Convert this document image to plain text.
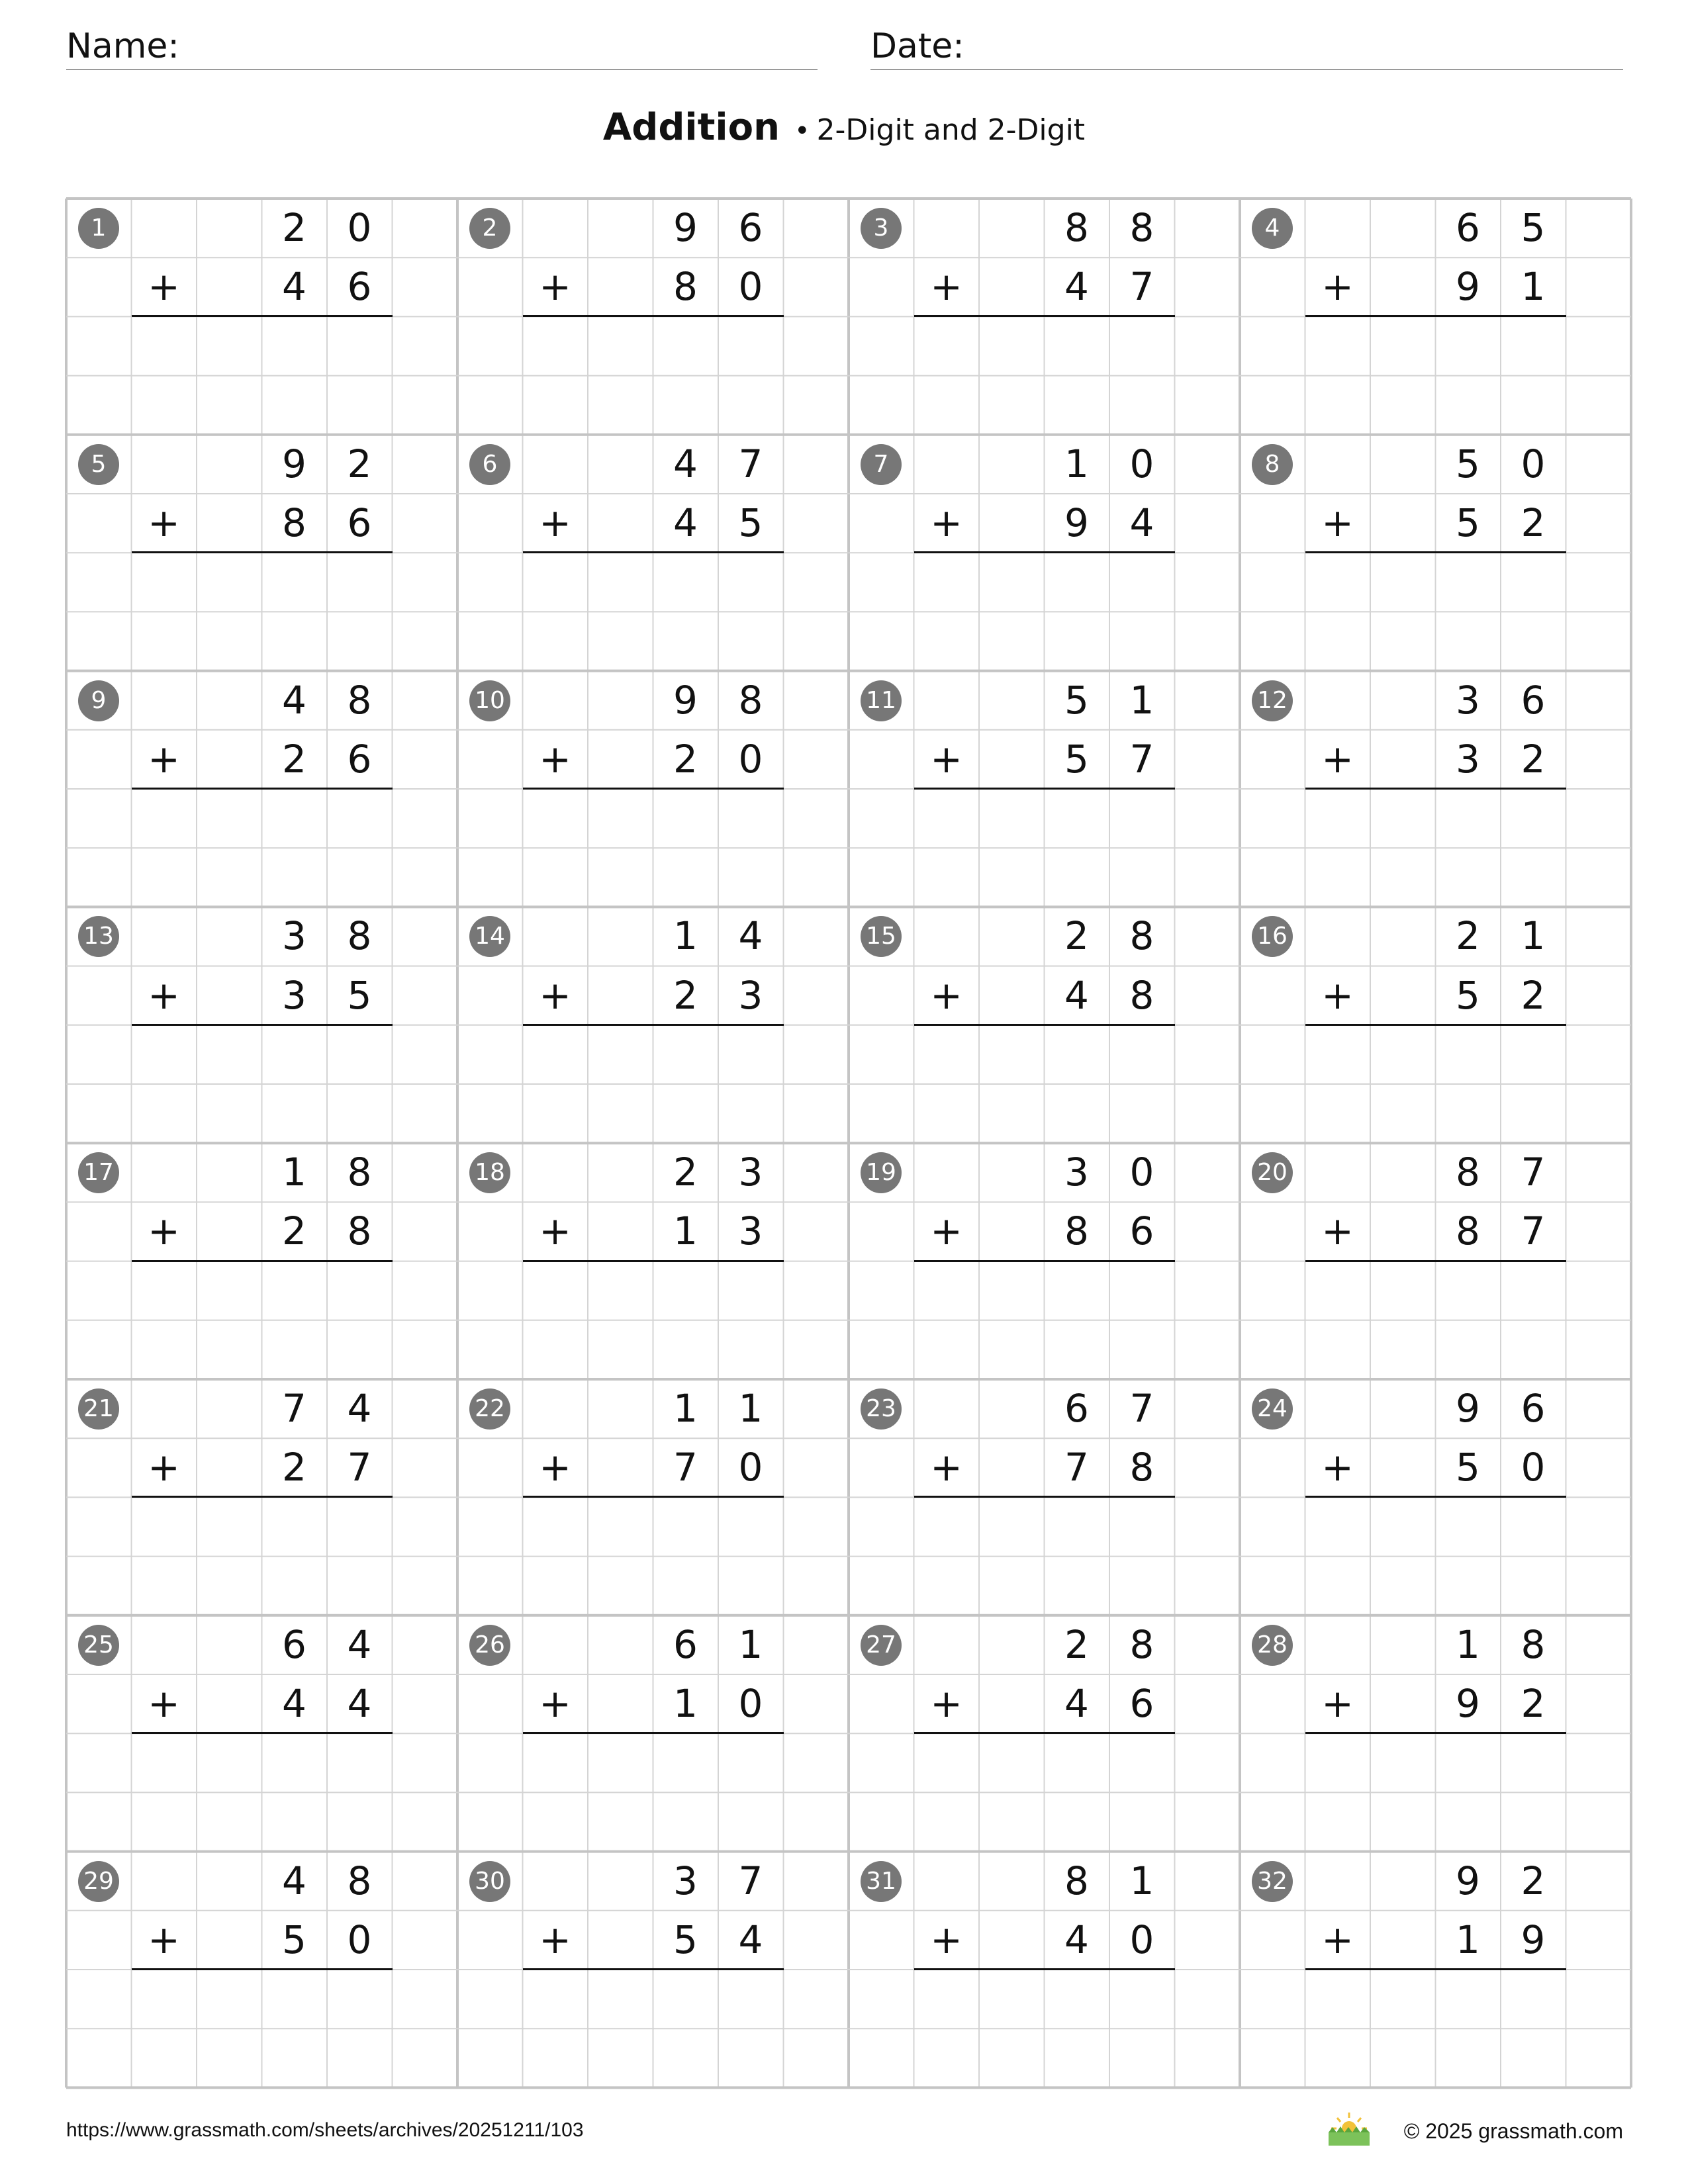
Name:	Date:
Addition • 2-Digit and 2-Digit
1	2	0
+	4	6
2	9	6
+	8	0
3	8	8
+	4	7
4	6	5
+	9	1
5	9	2
+	8	6
6	4	7
+	4	5
7	1	0
+	9	4
8	5	0
+	5	2
9	4	8
+	2	6
10	9	8
+	2	0
11	5	1
+	5	7
12	3	6
+	3	2
13	3	8
+	3	5
14	1	4
+	2	3
15	2	8
+	4	8
16	2	1
+	5	2
17	1	8
+	2	8
18	2	3
+	1	3
19	3	0
+	8	6
20	8	7
+	8	7
21	7	4
+	2	7
22	1	1
+	7	0
23	6	7
+	7	8
24	9	6
+	5	0
25	6	4
+	4	4
26	6	1
+	1	0
27	2	8
+	4	6
28	1	8
+	9	2
29	4	8
+	5	0
30	3	7
+	5	4
31	8	1
+	4	0
32	9	2
+	1	9
https://www.grassmath.com/sheets/archives/20251211/103	© 2025 grassmath.com
